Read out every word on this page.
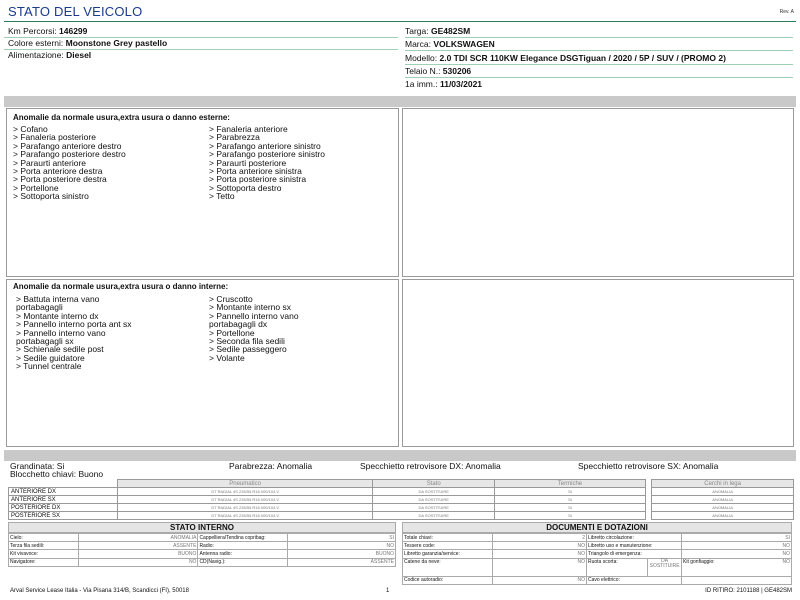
STATO DEL VEICOLO	Rev. A
Km Percorsi: 146299
Colore esterni: Moonstone Grey pastello
Alimentazione: Diesel
Targa: GE482SM
Marca: VOLKSWAGEN
Modello: 2.0 TDI SCR 110KW Elegance DSGTiguan / 2020 / 5P / SUV / (PROMO 2)
Telaio N.: 530206
1a imm.: 11/03/2021
Anomalie da normale usura,extra usura o danno esterne:
> Cofano
> Fanaleria posteriore
> Parafango anteriore destro
> Parafango posteriore destro
> Paraurti anteriore
> Porta anteriore destra
> Porta posteriore destra
> Portellone
> Sottoporta sinistro
> Fanaleria anteriore
> Parabrezza
> Parafango anteriore sinistro
> Parafango posteriore sinistro
> Paraurti posteriore
> Porta anteriore sinistra
> Porta posteriore sinistra
> Sottoporta destro
> Tetto
Anomalie da normale usura,extra usura o danno interne:
> Battuta interna vano
portabagagli
> Montante interno dx
> Pannello interno porta ant sx
> Pannello interno vano
portabagagli sx
> Schienale sedile post
> Sedile guidatore
> Tunnel centrale
> Cruscotto
> Montante interno sx
> Pannello interno vano
portabagagli dx
> Portellone
> Seconda fila sedili
> Sedile passeggero
> Volante
Grandinata: Si
Blocchetto chiavi: Buono
Parabrezza: Anomalia	Specchietto retrovisore DX: Anomalia	Specchietto retrovisore SX: Anomalia
	Pneumatico	Stato	Termiche		Cerchi in lega
ANTERIORE DX	GT RADIAL 4S 235/55 R18 000/104 V	DA SOSTITUIRE	SI		ANOMALIA
ANTERIORE SX	GT RADIAL 4S 235/55 R18 000/104 V	DA SOSTITUIRE	SI		ANOMALIA
POSTERIORE DX	GT RADIAL 4S 235/55 R18 000/104 V	DA SOSTITUIRE	SI		ANOMALIA
POSTERIORE SX	GT RADIAL 4S 235/55 R18 000/104 V	DA SOSTITUIRE	SI		ANOMALIA
STATO INTERNO
Cielo:	ANOMALIA	Cappelliera/Tendina copribag:	SI
Terza fila sedili:	ASSENTE	Radio:	NO
Kit vivavoce:	BUONO	Antenna radio:	BUONO
Navigatore:	NO	CD(Navig.):	ASSENTE
DOCUMENTI E DOTAZIONI
Totale chiavi:	2	Libretto circolazione:		SI
Tessere code:	NO	Libretto uso e manutenzione:		NO
Libretto garanzia/service:	NO	Triangolo di emergenza:		NO
Catene da neve:	NO	Ruota scorta:	DA SOSTITUIRE	Kit gonfiaggio: NO

Codice autoradio:	NO	Cavo elettrico:		
Arval Service Lease Italia - Via Pisana 314/B, Scandicci (FI), 50018	1	ID RITIRO: 2101188 | GE482SM
